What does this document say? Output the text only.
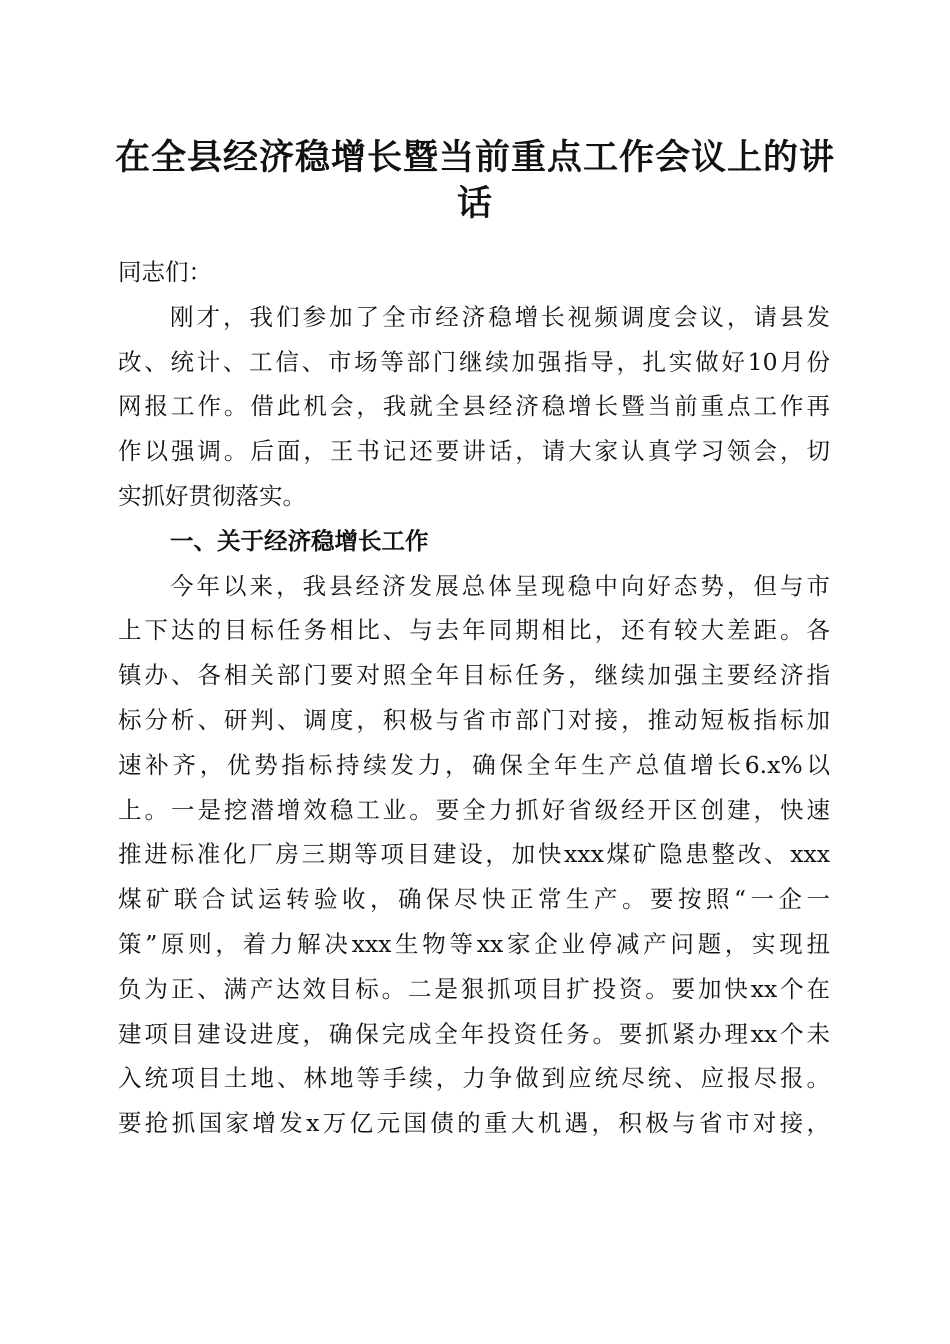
在全县经济稳增长暨当前重点工作会议上的讲
话
同志们：
刚才，我们参加了全市经济稳增长视频调度会议，请县发
改、统计、工信、市场等部门继续加强指导，扎实做好10月份
网报工作。借此机会，我就全县经济稳增长暨当前重点工作再
作以强调。后面，王书记还要讲话，请大家认真学习领会，切
实抓好贯彻落实。
一、关于经济稳增长工作
今年以来，我县经济发展总体呈现稳中向好态势，但与市
上下达的目标任务相比、与去年同期相比，还有较大差距。各
镇办、各相关部门要对照全年目标任务，继续加强主要经济指
标分析、研判、调度，积极与省市部门对接，推动短板指标加
速补齐，优势指标持续发力，确保全年生产总值增长6.x%以
上。一是挖潜增效稳工业。要全力抓好省级经开区创建，快速
推进标准化厂房三期等项目建设，加快xxx煤矿隐患整改、xxx
煤矿联合试运转验收，确保尽快正常生产。要按照“一企一
策”原则，着力解决xxx生物等xx家企业停减产问题，实现扭
负为正、满产达效目标。二是狠抓项目扩投资。要加快xx个在
建项目建设进度，确保完成全年投资任务。要抓紧办理xx个未
入统项目土地、林地等手续，力争做到应统尽统、应报尽报。
要抢抓国家增发x万亿元国债的重大机遇，积极与省市对接，
